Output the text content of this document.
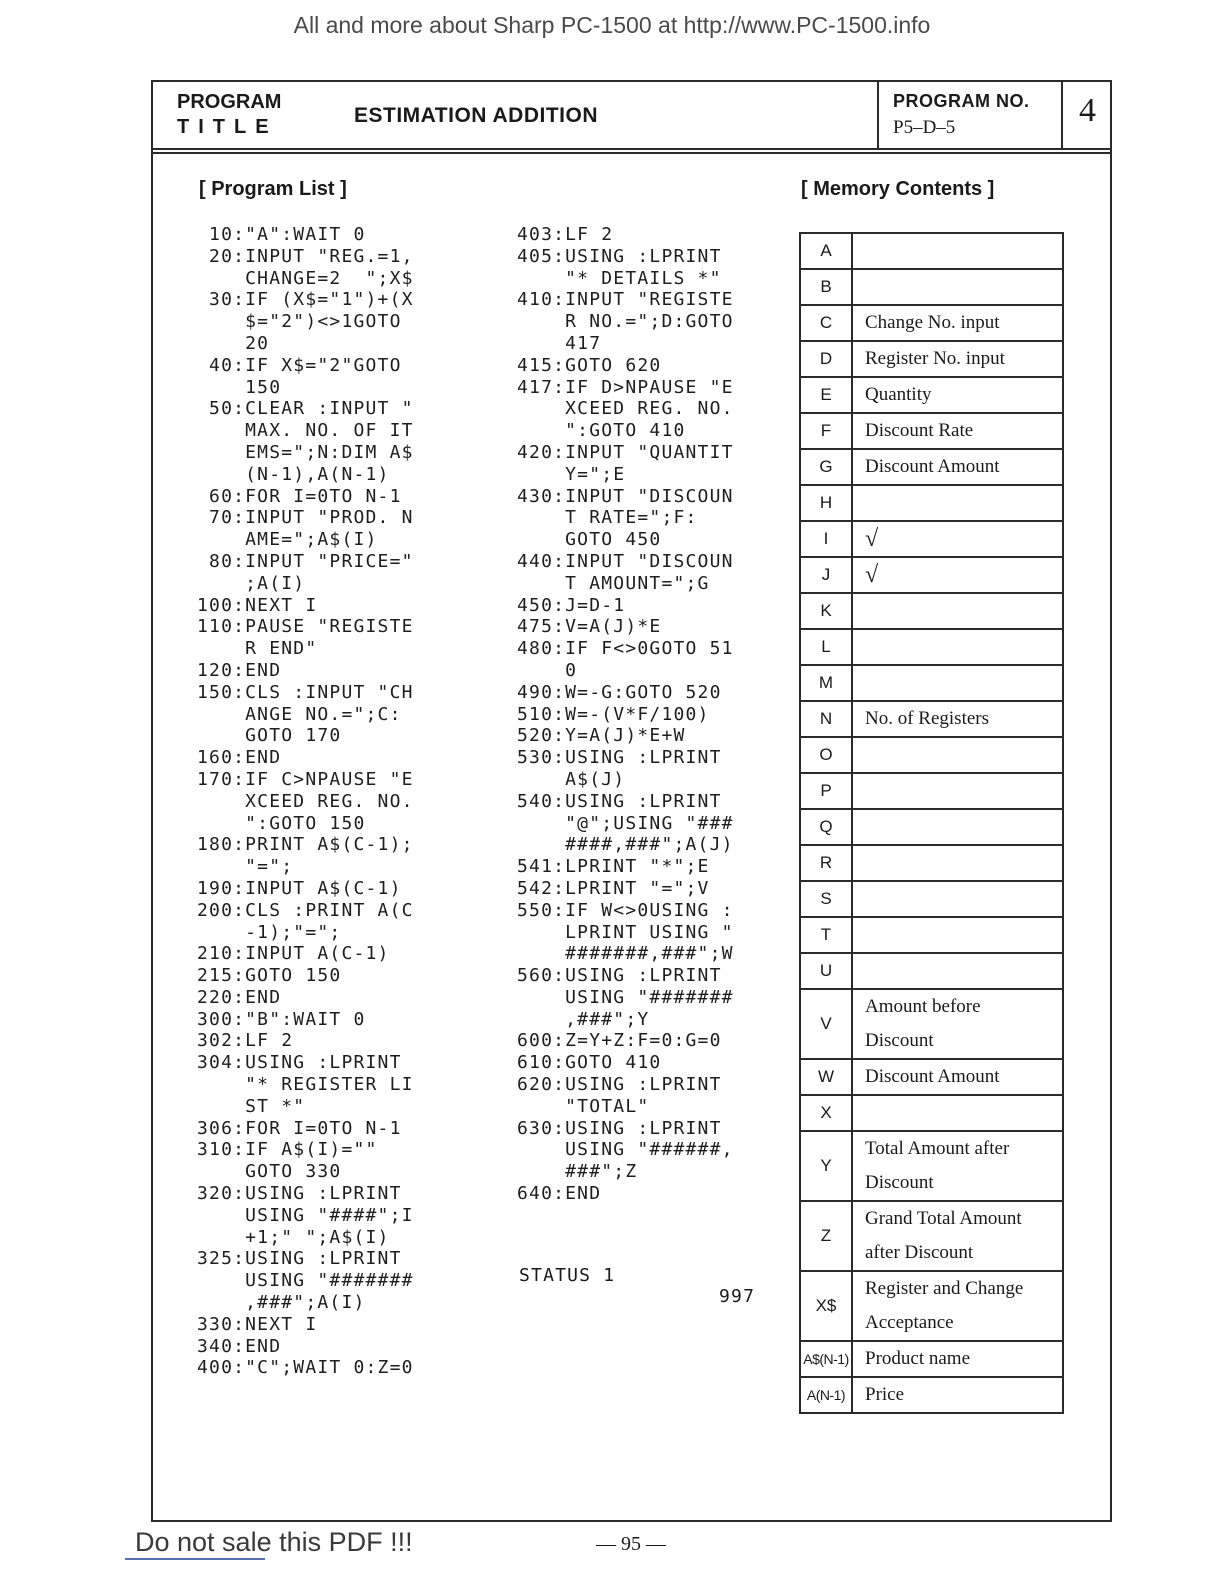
All and more about Sharp PC-1500 at http://www.PC-1500.info
PROGRAM
TITLE	ESTIMATION ADDITION
PROGRAM NO.
P5–D–5	4
[ Program List ]	[ Memory Contents ]
10:"A":WAIT 0
20:INPUT "REG.=1,
CHANGE=2  ";X$
30:IF (X$="1")+(X
$="2")<>1GOTO
20
40:IF X$="2"GOTO
150
50:CLEAR :INPUT "
MAX. NO. OF IT
EMS=";N:DIM A$
(N-1),A(N-1)
60:FOR I=0TO N-1
70:INPUT "PROD. N
AME=";A$(I)
80:INPUT "PRICE="
;A(I)
100:NEXT I
110:PAUSE "REGISTE
R END"
120:END
150:CLS :INPUT "CH
ANGE NO.=";C:
GOTO 170
160:END
170:IF C>NPAUSE "E
XCEED REG. NO.
":GOTO 150
180:PRINT A$(C-1);
"=";
190:INPUT A$(C-1)
200:CLS :PRINT A(C
-1);"=";
210:INPUT A(C-1)
215:GOTO 150
220:END
300:"B":WAIT 0
302:LF 2
304:USING :LPRINT
"* REGISTER LI
ST *"
306:FOR I=0TO N-1
310:IF A$(I)=""
GOTO 330
320:USING :LPRINT
USING "####";I
+1;" ";A$(I)
325:USING :LPRINT
USING "#######
,###";A(I)
330:NEXT I
340:END
400:"C";WAIT 0:Z=0
403:LF 2
405:USING :LPRINT
"* DETAILS *"
410:INPUT "REGISTE
R NO.=";D:GOTO
417
415:GOTO 620
417:IF D>NPAUSE "E
XCEED REG. NO.
":GOTO 410
420:INPUT "QUANTIT
Y=";E
430:INPUT "DISCOUN
T RATE=";F:
GOTO 450
440:INPUT "DISCOUN
T AMOUNT=";G
450:J=D-1
475:V=A(J)*E
480:IF F<>0GOTO 51
0
490:W=-G:GOTO 520
510:W=-(V*F/100)
520:Y=A(J)*E+W
530:USING :LPRINT
A$(J)
540:USING :LPRINT
"@";USING "###
####,###";A(J)
541:LPRINT "*";E
542:LPRINT "=";V
550:IF W<>0USING :
LPRINT USING "
#######,###";W
560:USING :LPRINT
USING "#######
,###";Y
600:Z=Y+Z:F=0:G=0
610:GOTO 410
620:USING :LPRINT
"TOTAL"
630:USING :LPRINT
USING "######,
###";Z
640:END
STATUS 1
997
A	

B	

C	Change No. input

D	Register No. input

E	Quantity

F	Discount Rate

G	Discount Amount

H	

I	√

J	√

K	

L	

M	

N	No. of Registers

O	

P	

Q	

R	

S	

T	

U	

V	Amount before
Discount

W	Discount Amount

X	

Y	Total Amount after
Discount

Z	Grand Total Amount
after Discount

X$	Register and Change
Acceptance

A$(N-1)	Product name

A(N-1)	Price
Do not sale this PDF !!!	— 95 —
